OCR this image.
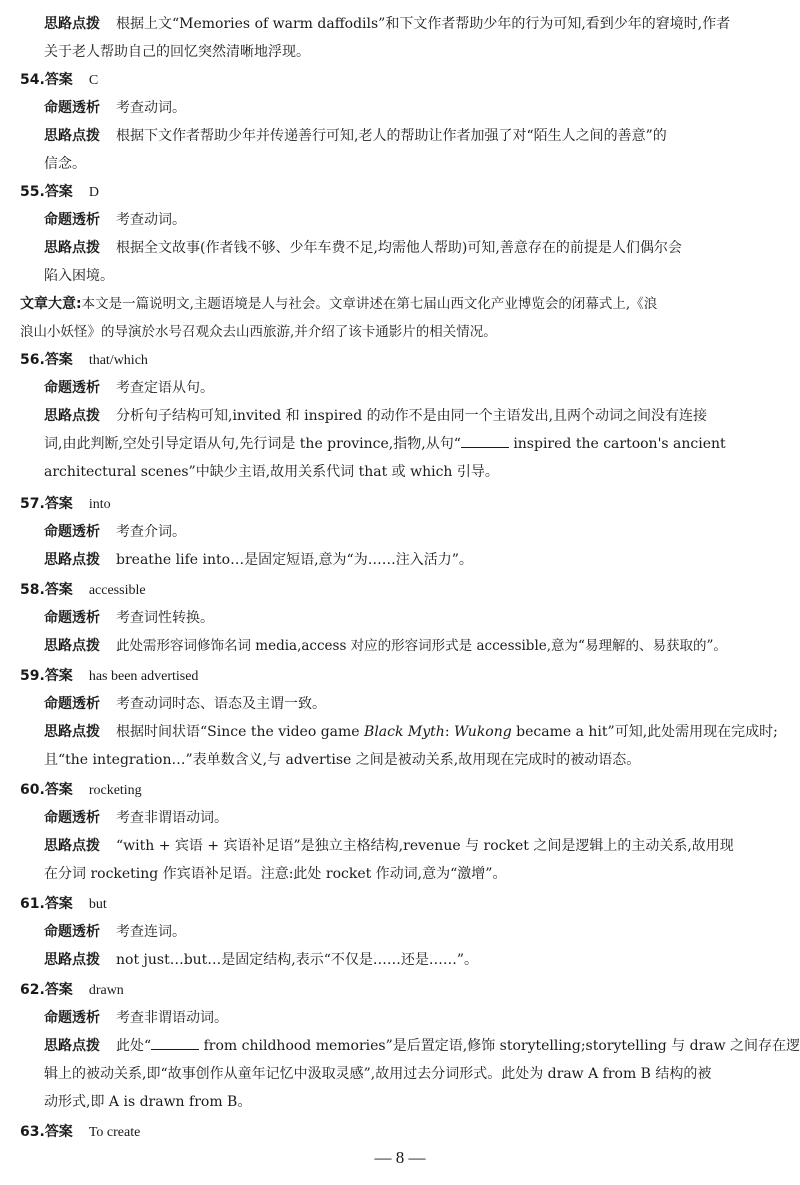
思路点拨 根据上文“Memories of warm daffodils”和下文作者帮助少年的行为可知,看到少年的窘境时,作者
关于老人帮助自己的回忆突然清晰地浮现。
54.答案 C
命题透析 考查动词。
思路点拨 根据下文作者帮助少年并传递善行可知,老人的帮助让作者加强了对“陌生人之间的善意”的
信念。
55.答案 D
命题透析 考查动词。
思路点拨 根据全文故事(作者钱不够、少年车费不足,均需他人帮助)可知,善意存在的前提是人们偶尔会
陷入困境。
文章大意:本文是一篇说明文,主题语境是人与社会。文章讲述在第七届山西文化产业博览会的闭幕式上,《浪
浪山小妖怪》的导演於水号召观众去山西旅游,并介绍了该卡通影片的相关情况。
56.答案 that/which
命题透析 考查定语从句。
思路点拨 分析句子结构可知,invited 和 inspired 的动作不是由同一个主语发出,且两个动词之间没有连接
词,由此判断,空处引导定语从句,先行词是 the province,指物,从句“	inspired the cartoon's ancient
architectural scenes”中缺少主语,故用关系代词 that 或 which 引导。
57.答案 into
命题透析 考查介词。
思路点拨 breathe life into…是固定短语,意为“为……注入活力”。
58.答案 accessible
命题透析 考查词性转换。
思路点拨 此处需形容词修饰名词 media,access 对应的形容词形式是 accessible,意为“易理解的、易获取的”。
59.答案 has been advertised
命题透析 考查动词时态、语态及主谓一致。
思路点拨 根据时间状语“Since the video game Black Myth: Wukong became a hit”可知,此处需用现在完成时;
且“the integration…”表单数含义,与 advertise 之间是被动关系,故用现在完成时的被动语态。
60.答案 rocketing
命题透析 考查非谓语动词。
思路点拨 “with + 宾语 + 宾语补足语”是独立主格结构,revenue 与 rocket 之间是逻辑上的主动关系,故用现
在分词 rocketing 作宾语补足语。注意:此处 rocket 作动词,意为“激增”。
61.答案 but
命题透析 考查连词。
思路点拨 not just…but…是固定结构,表示“不仅是……还是……”。
62.答案 drawn
命题透析 考查非谓语动词。
思路点拨 此处“	from childhood memories”是后置定语,修饰 storytelling;storytelling 与 draw 之间存在逻
辑上的被动关系,即“故事创作从童年记忆中汲取灵感”,故用过去分词形式。此处为 draw A from B 结构的被
动形式,即 A is drawn from B。
63.答案 To create
— 8 —
